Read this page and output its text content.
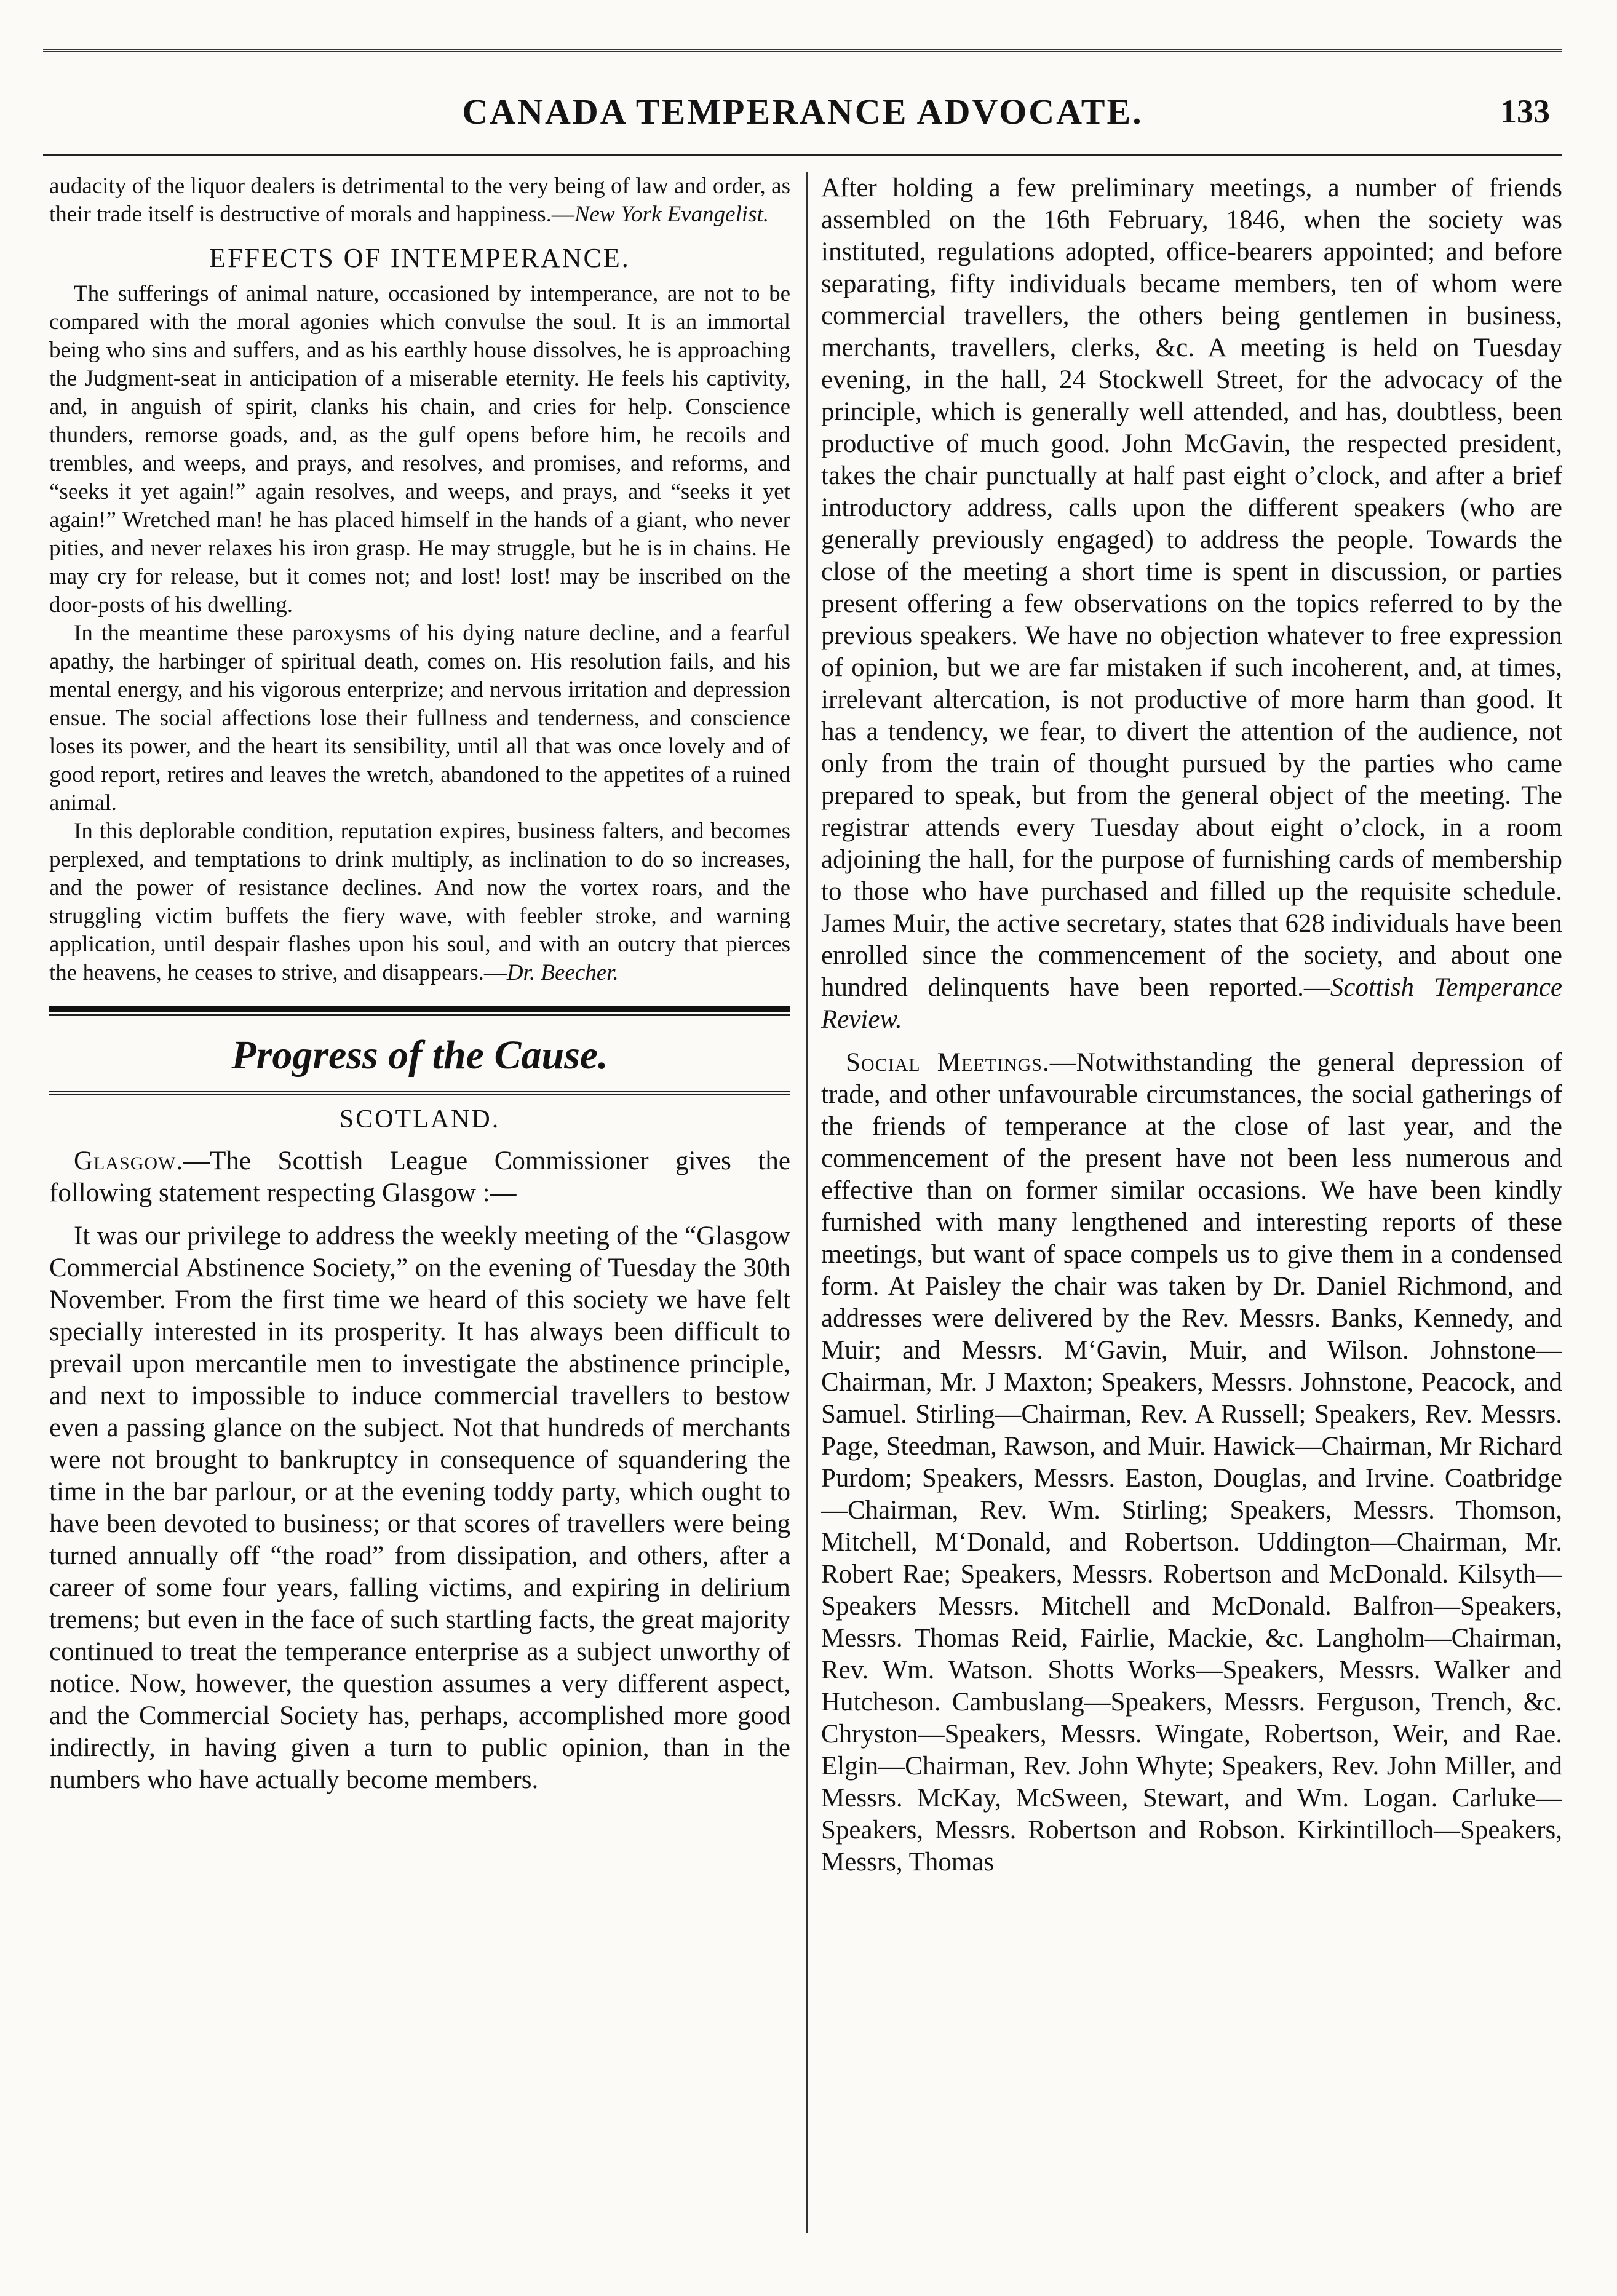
CANADA TEMPERANCE ADVOCATE.	133

audacity of the liquor dealers is detrimental to the very being of law and order, as their trade itself is destructive of morals and happiness.—New York Evangelist.

EFFECTS OF INTEMPERANCE.

The sufferings of animal nature, occasioned by intemperance, are not to be compared with the moral agonies which convulse the soul. It is an immortal being who sins and suffers, and as his earthly house dissolves, he is approaching the Judgment-seat in anticipation of a miserable eternity. He feels his captivity, and, in anguish of spirit, clanks his chain, and cries for help. Conscience thunders, remorse goads, and, as the gulf opens before him, he recoils and trembles, and weeps, and prays, and resolves, and promises, and reforms, and “seeks it yet again!” again resolves, and weeps, and prays, and “seeks it yet again!” Wretched man! he has placed himself in the hands of a giant, who never pities, and never relaxes his iron grasp. He may struggle, but he is in chains. He may cry for release, but it comes not; and lost! lost! may be inscribed on the door-posts of his dwelling.

In the meantime these paroxysms of his dying nature decline, and a fearful apathy, the harbinger of spiritual death, comes on. His resolution fails, and his mental energy, and his vigorous enterprize; and nervous irritation and depression ensue. The social affections lose their fullness and tenderness, and conscience loses its power, and the heart its sensibility, until all that was once lovely and of good report, retires and leaves the wretch, abandoned to the appetites of a ruined animal.

In this deplorable condition, reputation expires, business falters, and becomes perplexed, and temptations to drink multiply, as inclination to do so increases, and the power of resistance declines. And now the vortex roars, and the struggling victim buffets the fiery wave, with feebler stroke, and warning application, until despair flashes upon his soul, and with an outcry that pierces the heavens, he ceases to strive, and disappears.—Dr. Beecher.

Progress of the Cause.
SCOTLAND.

Glasgow.—The Scottish League Commissioner gives the following statement respecting Glasgow :—

It was our privilege to address the weekly meeting of the “Glasgow Commercial Abstinence Society,” on the evening of Tuesday the 30th November. From the first time we heard of this society we have felt specially interested in its prosperity. It has always been difficult to prevail upon mercantile men to investigate the abstinence principle, and next to impossible to induce commercial travellers to bestow even a passing glance on the subject. Not that hundreds of merchants were not brought to bankruptcy in consequence of squandering the time in the bar parlour, or at the evening toddy party, which ought to have been devoted to business; or that scores of travellers were being turned annually off “the road” from dissipation, and others, after a career of some four years, falling victims, and expiring in delirium tremens; but even in the face of such startling facts, the great majority continued to treat the temperance enterprise as a subject unworthy of notice. Now, however, the question assumes a very different aspect, and the Commercial Society has, perhaps, accomplished more good indirectly, in having given a turn to public opinion, than in the numbers who have actually become members.

After holding a few preliminary meetings, a number of friends assembled on the 16th February, 1846, when the society was instituted, regulations adopted, office-bearers appointed; and before separating, fifty individuals became members, ten of whom were commercial travellers, the others being gentlemen in business, merchants, travellers, clerks, &c. A meeting is held on Tuesday evening, in the hall, 24 Stockwell Street, for the advocacy of the principle, which is generally well attended, and has, doubtless, been productive of much good. John McGavin, the respected president, takes the chair punctually at half past eight o’clock, and after a brief introductory address, calls upon the different speakers (who are generally previously engaged) to address the people. Towards the close of the meeting a short time is spent in discussion, or parties present offering a few observations on the topics referred to by the previous speakers. We have no objection whatever to free expression of opinion, but we are far mistaken if such incoherent, and, at times, irrelevant altercation, is not productive of more harm than good. It has a tendency, we fear, to divert the attention of the audience, not only from the train of thought pursued by the parties who came prepared to speak, but from the general object of the meeting. The registrar attends every Tuesday about eight o’clock, in a room adjoining the hall, for the purpose of furnishing cards of membership to those who have purchased and filled up the requisite schedule. James Muir, the active secretary, states that 628 individuals have been enrolled since the commencement of the society, and about one hundred delinquents have been reported.—Scottish Temperance Review.

Social Meetings.—Notwithstanding the general depression of trade, and other unfavourable circumstances, the social gatherings of the friends of temperance at the close of last year, and the commencement of the present have not been less numerous and effective than on former similar occasions. We have been kindly furnished with many lengthened and interesting reports of these meetings, but want of space compels us to give them in a condensed form. At Paisley the chair was taken by Dr. Daniel Richmond, and addresses were delivered by the Rev. Messrs. Banks, Kennedy, and Muir; and Messrs. M‘Gavin, Muir, and Wilson. Johnstone—Chairman, Mr. J Maxton; Speakers, Messrs. Johnstone, Peacock, and Samuel. Stirling—Chairman, Rev. A Russell; Speakers, Rev. Messrs. Page, Steedman, Rawson, and Muir. Hawick—Chairman, Mr Richard Purdom; Speakers, Messrs. Easton, Douglas, and Irvine. Coatbridge—Chairman, Rev. Wm. Stirling; Speakers, Messrs. Thomson, Mitchell, M‘Donald, and Robertson. Uddington—Chairman, Mr. Robert Rae; Speakers, Messrs. Robertson and McDonald. Kilsyth—Speakers Messrs. Mitchell and McDonald. Balfron—Speakers, Messrs. Thomas Reid, Fairlie, Mackie, &c. Langholm—Chairman, Rev. Wm. Watson. Shotts Works—Speakers, Messrs. Walker and Hutcheson. Cambuslang—Speakers, Messrs. Ferguson, Trench, &c. Chryston—Speakers, Messrs. Wingate, Robertson, Weir, and Rae. Elgin—Chairman, Rev. John Whyte; Speakers, Rev. John Miller, and Messrs. McKay, McSween, Stewart, and Wm. Logan. Carluke—Speakers, Messrs. Robertson and Robson. Kirkintilloch—Speakers, Messrs, Thomas
